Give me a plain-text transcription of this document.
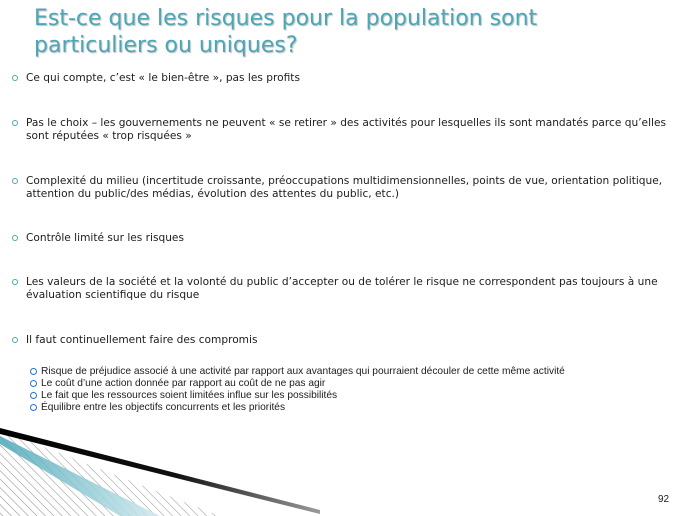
Est-ce que les risques pour la population sont particuliers ou uniques?
Ce qui compte, c’est « le bien-être », pas les profits
Pas le choix – les gouvernements ne peuvent « se retirer » des activités pour lesquelles ils sont mandatés parce qu’elles sont réputées « trop risquées »
Complexité du milieu (incertitude croissante, préoccupations multidimensionnelles, points de vue, orientation politique, attention du public/des médias, évolution des attentes du public, etc.)
Contrôle limité sur les risques
Les valeurs de la société et la volonté du public d’accepter ou de tolérer le risque ne correspondent pas toujours à une évaluation scientifique du risque
Il faut continuellement faire des compromis
Risque de préjudice associé à une activité par rapport aux avantages qui pourraient découler de cette même activité
Le coût d’une action donnée par rapport au coût de ne pas agir
Le fait que les ressources soient limitées influe sur les possibilités
Équilibre entre les objectifs concurrents et les priorités
92
